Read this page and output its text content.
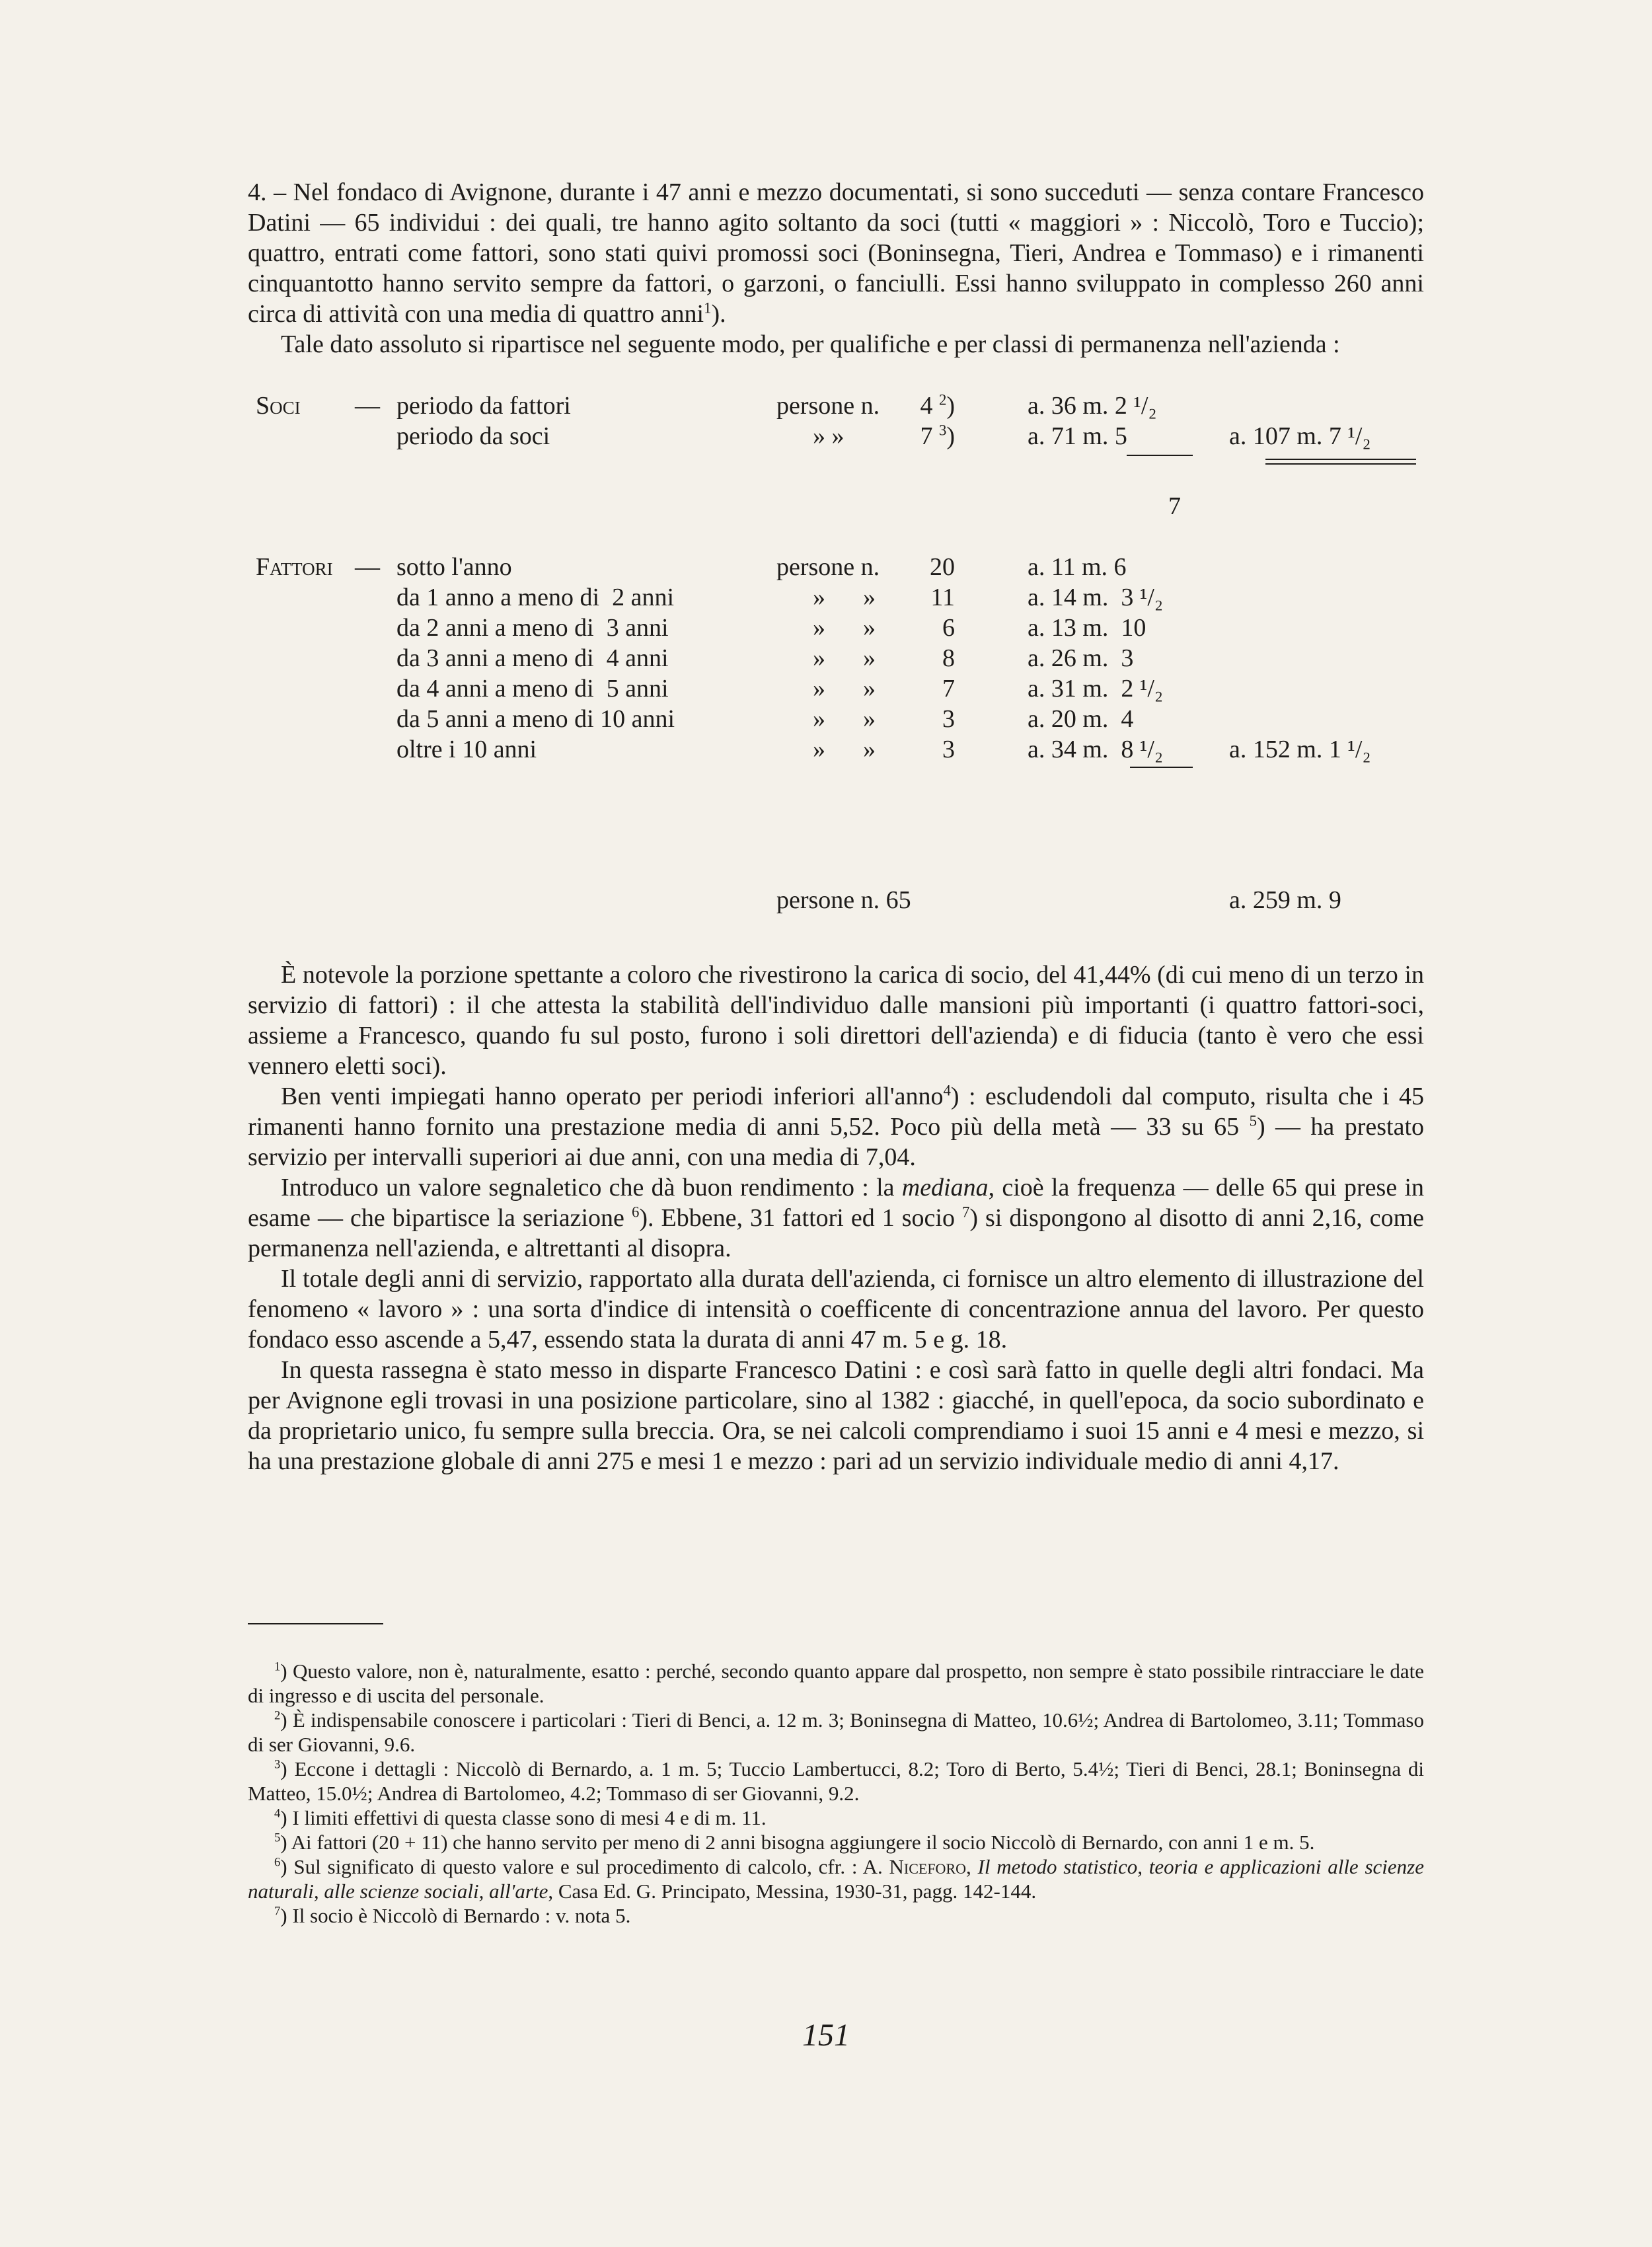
4. – Nel fondaco di Avignone, durante i 47 anni e mezzo documentati, si sono succeduti — senza contare Francesco Datini — 65 individui : dei quali, tre hanno agito soltanto da soci (tutti « maggiori » : Niccolò, Toro e Tuccio); quattro, entrati come fattori, sono stati quivi promossi soci (Boninsegna, Tieri, Andrea e Tommaso) e i rimanenti cinquantotto hanno servito sempre da fattori, o garzoni, o fanciulli. Essi hanno sviluppato in complesso 260 anni circa di attività con una media di quattro anni$^1$).

Tale dato assoluto si ripartisce nel seguente modo, per qualifiche e per classi di permanenza nell'azienda :

Soci — periodo da fattori	persone n.	4 $^2$)	a. 36 m. 2 ¹/₂
periodo da soci	» »	7 $^3$)	a. 71 m. 5	a. 107 m. 7 ¹/₂
7
Fattori — sotto l'anno	persone n.	20	a. 11 m. 6
da 1 anno a meno di  2 anni	»      »	11	a. 14 m.  3 ¹/₂
da 2 anni a meno di  3 anni	»      »	6	a. 13 m.  10
da 3 anni a meno di  4 anni	»      »	8	a. 26 m.  3
da 4 anni a meno di  5 anni	»      »	7	a. 31 m.  2 ¹/₂
da 5 anni a meno di 10 anni	»      »	3	a. 20 m.  4
oltre i 10 anni	»      »	3	a. 34 m.  8 ¹/₂	a. 152 m. 1 ¹/₂
persone n. 65	a. 259 m. 9

È notevole la porzione spettante a coloro che rivestirono la carica di socio, del 41,44% (di cui meno di un terzo in servizio di fattori) : il che attesta la stabilità dell'individuo dalle mansioni più importanti (i quattro fattori-soci, assieme a Francesco, quando fu sul posto, furono i soli direttori dell'azienda) e di fiducia (tanto è vero che essi vennero eletti soci).

Ben venti impiegati hanno operato per periodi inferiori all'anno$^4$) : escludendoli dal computo, risulta che i 45 rimanenti hanno fornito una prestazione media di anni 5,52. Poco più della metà — 33 su 65 $^5$) — ha prestato servizio per intervalli superiori ai due anni, con una media di 7,04.

Introduco un valore segnaletico che dà buon rendimento : la mediana, cioè la frequenza — delle 65 qui prese in esame — che bipartisce la seriazione $^6$). Ebbene, 31 fattori ed 1 socio $^7$) si dispongono al disotto di anni 2,16, come permanenza nell'azienda, e altrettanti al disopra.

Il totale degli anni di servizio, rapportato alla durata dell'azienda, ci fornisce un altro elemento di illustrazione del fenomeno « lavoro » : una sorta d'indice di intensità o coefficente di concentrazione annua del lavoro. Per questo fondaco esso ascende a 5,47, essendo stata la durata di anni 47 m. 5 e g. 18.

In questa rassegna è stato messo in disparte Francesco Datini : e così sarà fatto in quelle degli altri fondaci. Ma per Avignone egli trovasi in una posizione particolare, sino al 1382 : giacché, in quell'epoca, da socio subordinato e da proprietario unico, fu sempre sulla breccia. Ora, se nei calcoli comprendiamo i suoi 15 anni e 4 mesi e mezzo, si ha una prestazione globale di anni 275 e mesi 1 e mezzo : pari ad un servizio individuale medio di anni 4,17.

$^1$) Questo valore, non è, naturalmente, esatto : perché, secondo quanto appare dal prospetto, non sempre è stato possibile rintracciare le date di ingresso e di uscita del personale.

$^2$) È indispensabile conoscere i particolari : Tieri di Benci, a. 12 m. 3; Boninsegna di Matteo, 10.6½; Andrea di Bartolomeo, 3.11; Tommaso di ser Giovanni, 9.6.

$^3$) Eccone i dettagli : Niccolò di Bernardo, a. 1 m. 5; Tuccio Lambertucci, 8.2; Toro di Berto, 5.4½; Tieri di Benci, 28.1; Boninsegna di Matteo, 15.0½; Andrea di Bartolomeo, 4.2; Tommaso di ser Giovanni, 9.2.

$^4$) I limiti effettivi di questa classe sono di mesi 4 e di m. 11.

$^5$) Ai fattori (20 + 11) che hanno servito per meno di 2 anni bisogna aggiungere il socio Niccolò di Bernardo, con anni 1 e m. 5.

$^6$) Sul significato di questo valore e sul procedimento di calcolo, cfr. : A. Niceforo, Il metodo statistico, teoria e applicazioni alle scienze naturali, alle scienze sociali, all'arte, Casa Ed. G. Principato, Messina, 1930-31, pagg. 142-144.

$^7$) Il socio è Niccolò di Bernardo : v. nota 5.

151
